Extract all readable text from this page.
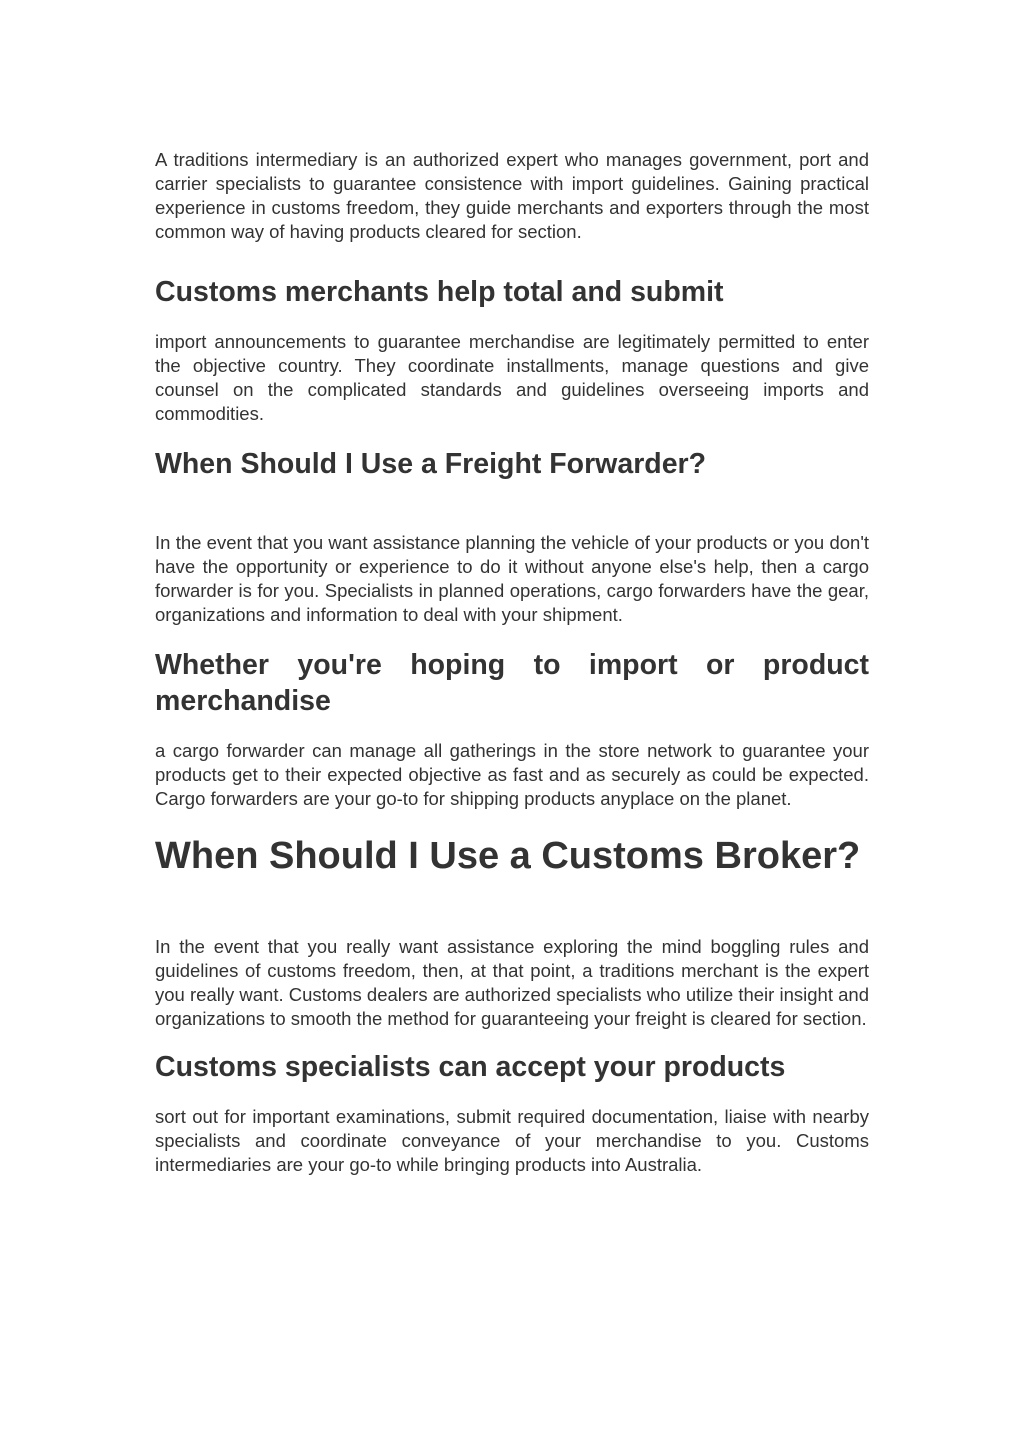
A traditions intermediary is an authorized expert who manages government, port and carrier specialists to guarantee consistence with import guidelines. Gaining practical experience in customs freedom, they guide merchants and exporters through the most common way of having products cleared for section.

Customs merchants help total and submit

import announcements to guarantee merchandise are legitimately permitted to enter the objective country. They coordinate installments, manage questions and give counsel on the complicated standards and guidelines overseeing imports and commodities.

When Should I Use a Freight Forwarder?

In the event that you want assistance planning the vehicle of your products or you don't have the opportunity or experience to do it without anyone else's help, then a cargo forwarder is for you. Specialists in planned operations, cargo forwarders have the gear, organizations and information to deal with your shipment.

Whether you're hoping to import or product merchandise

a cargo forwarder can manage all gatherings in the store network to guarantee your products get to their expected objective as fast and as securely as could be expected. Cargo forwarders are your go-to for shipping products anyplace on the planet.

When Should I Use a Customs Broker?

In the event that you really want assistance exploring the mind boggling rules and guidelines of customs freedom, then, at that point, a traditions merchant is the expert you really want. Customs dealers are authorized specialists who utilize their insight and organizations to smooth the method for guaranteeing your freight is cleared for section.

Customs specialists can accept your products

sort out for important examinations, submit required documentation, liaise with nearby specialists and coordinate conveyance of your merchandise to you. Customs intermediaries are your go-to while bringing products into Australia.
